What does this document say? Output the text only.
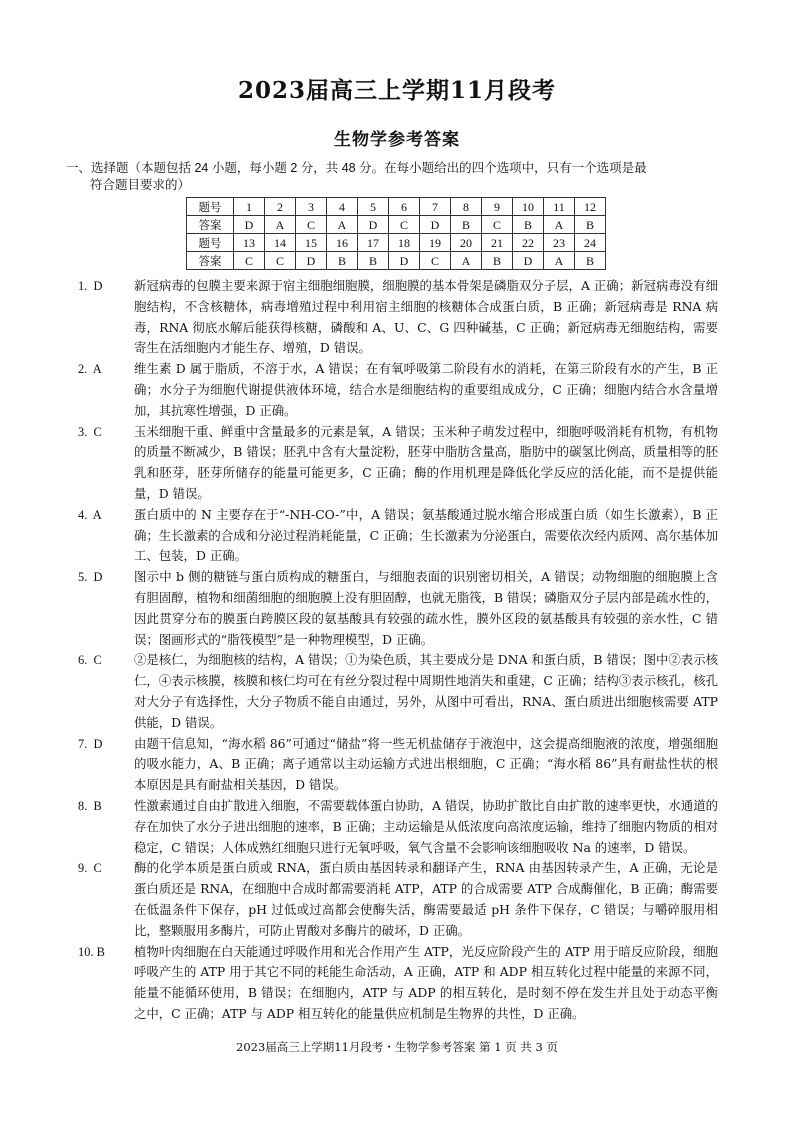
2023届高三上学期11月段考
生物学参考答案
一、选择题（本题包括 24 小题，每小题 2 分，共 48 分。在每小题给出的四个选项中，只有一个选项是最
符合题目要求的）
题号	1	2	3	4	5	6	7	8	9	10	11	12
答案	D	A	C	A	D	C	D	B	C	B	A	B
题号	13	14	15	16	17	18	19	20	21	22	23	24
答案	C	C	D	B	B	D	C	A	B	D	A	B
1.  D	新冠病毒的包膜主要来源于宿主细胞细胞膜，细胞膜的基本骨架是磷脂双分子层，A 正确；新冠病毒没有细胞结构，不含核糖体，病毒增殖过程中利用宿主细胞的核糖体合成蛋白质，B 正确；新冠病毒是 RNA 病毒，RNA 彻底水解后能获得核糖，磷酸和 A、U、C、G 四种碱基，C 正确；新冠病毒无细胞结构，需要寄生在活细胞内才能生存、增殖，D 错误。
2.  A	维生素 D 属于脂质，不溶于水，A 错误；在有氧呼吸第二阶段有水的消耗，在第三阶段有水的产生，B 正确；水分子为细胞代谢提供液体环境，结合水是细胞结构的重要组成成分，C 正确；细胞内结合水含量增加，其抗寒性增强，D 正确。
3.  C	玉米细胞干重、鲜重中含量最多的元素是氧，A 错误；玉米种子萌发过程中，细胞呼吸消耗有机物，有机物的质量不断减少，B 错误；胚乳中含有大量淀粉，胚芽中脂肪含量高，脂肪中的碳氢比例高，质量相等的胚乳和胚芽，胚芽所储存的能量可能更多，C 正确；酶的作用机理是降低化学反应的活化能，而不是提供能量，D 错误。
4.  A	蛋白质中的 N 主要存在于“-NH-CO-”中，A 错误；氨基酸通过脱水缩合形成蛋白质（如生长激素），B 正确；生长激素的合成和分泌过程消耗能量，C 正确；生长激素为分泌蛋白，需要依次经内质网、高尔基体加工、包装，D 正确。
5.  D	图示中 b 侧的糖链与蛋白质构成的糖蛋白，与细胞表面的识别密切相关，A 错误；动物细胞的细胞膜上含有胆固醇，植物和细菌细胞的细胞膜上没有胆固醇，也就无脂筏，B 错误；磷脂双分子层内部是疏水性的，因此贯穿分布的膜蛋白跨膜区段的氨基酸具有较强的疏水性，膜外区段的氨基酸具有较强的亲水性，C 错误；图画形式的“脂筏模型”是一种物理模型，D 正确。
6.  C	②是核仁，为细胞核的结构，A 错误；①为染色质，其主要成分是 DNA 和蛋白质，B 错误；图中②表示核仁，④表示核膜，核膜和核仁均可在有丝分裂过程中周期性地消失和重建，C 正确；结构③表示核孔，核孔对大分子有选择性，大分子物质不能自由通过，另外，从图中可看出，RNA、蛋白质进出细胞核需要 ATP 供能，D 错误。
7.  D	由题干信息知，“海水稻 86”可通过“储盐”将一些无机盐储存于液泡中，这会提高细胞液的浓度，增强细胞的吸水能力，A、B 正确；离子通常以主动运输方式进出根细胞，C 正确；“海水稻 86”具有耐盐性状的根本原因是具有耐盐相关基因，D 错误。
8.  B	性激素通过自由扩散进入细胞，不需要载体蛋白协助，A 错误，协助扩散比自由扩散的速率更快，水通道的存在加快了水分子进出细胞的速率，B 正确；主动运输是从低浓度向高浓度运输，维持了细胞内物质的相对稳定，C 错误；人体成熟红细胞只进行无氧呼吸，氧气含量不会影响该细胞吸收 Na 的速率，D 错误。
9.  C	酶的化学本质是蛋白质或 RNA，蛋白质由基因转录和翻译产生，RNA 由基因转录产生，A 正确，无论是蛋白质还是 RNA，在细胞中合成时都需要消耗 ATP，ATP 的合成需要 ATP 合成酶催化，B 正确；酶需要在低温条件下保存，pH 过低或过高都会使酶失活，酶需要最适 pH 条件下保存，C 错误；与嚼碎服用相比，整颗服用多酶片，可防止胃酸对多酶片的破坏，D 正确。
10. B	植物叶肉细胞在白天能通过呼吸作用和光合作用产生 ATP，光反应阶段产生的 ATP 用于暗反应阶段，细胞呼吸产生的 ATP 用于其它不同的耗能生命活动，A 正确，ATP 和 ADP 相互转化过程中能量的来源不同，能量不能循环使用，B 错误；在细胞内，ATP 与 ADP 的相互转化，是时刻不停在发生并且处于动态平衡之中，C 正确；ATP 与 ADP 相互转化的能量供应机制是生物界的共性，D 正确。
2023届高三上学期11月段考・生物学参考答案 第 1 页 共 3 页
